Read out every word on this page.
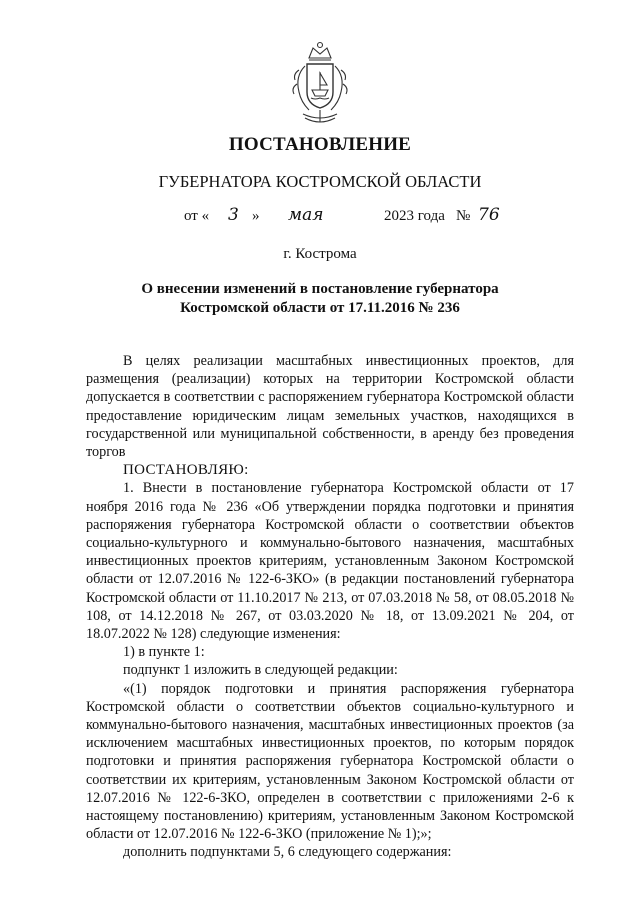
ПОСТАНОВЛЕНИЕ
ГУБЕРНАТОРА КОСТРОМСКОЙ ОБЛАСТИ
от « 3 » мая	2023 года № 76
г. Кострома
О внесении изменений в постановление губернатора
Костромской области от 17.11.2016 № 236

В целях реализации масштабных инвестиционных проектов, для размещения (реализации) которых на территории Костромской области допускается в соответствии с распоряжением губернатора Костромской области предоставление юридическим лицам земельных участков, находящихся в государственной или муниципальной собственности, в аренду без проведения торгов

ПОСТАНОВЛЯЮ:

1. Внести в постановление губернатора Костромской области от 17 ноября 2016 года № 236 «Об утверждении порядка подготовки и принятия распоряжения губернатора Костромской области о соответствии объектов социально-культурного и коммунально-бытового назначения, масштабных инвестиционных проектов критериям, установленным Законом Костромской области от 12.07.2016 № 122-6-ЗКО» (в редакции постановлений губернатора Костромской области от 11.10.2017 № 213, от 07.03.2018 № 58, от 08.05.2018 № 108, от 14.12.2018 № 267, от 03.03.2020 № 18, от 13.09.2021 № 204, от 18.07.2022 № 128) следующие изменения:

1) в пункте 1:

подпункт 1 изложить в следующей редакции:

«(1) порядок подготовки и принятия распоряжения губернатора Костромской области о соответствии объектов социально-культурного и коммунально-бытового назначения, масштабных инвестиционных проектов (за исключением масштабных инвестиционных проектов, по которым порядок подготовки и принятия распоряжения губернатора Костромской области о соответствии их критериям, установленным Законом Костромской области от 12.07.2016 № 122-6-ЗКО, определен в соответствии с приложениями 2-6 к настоящему постановлению) критериям, установленным Законом Костромской области от 12.07.2016 № 122-6-ЗКО (приложение № 1);»;

дополнить подпунктами 5, 6 следующего содержания:
